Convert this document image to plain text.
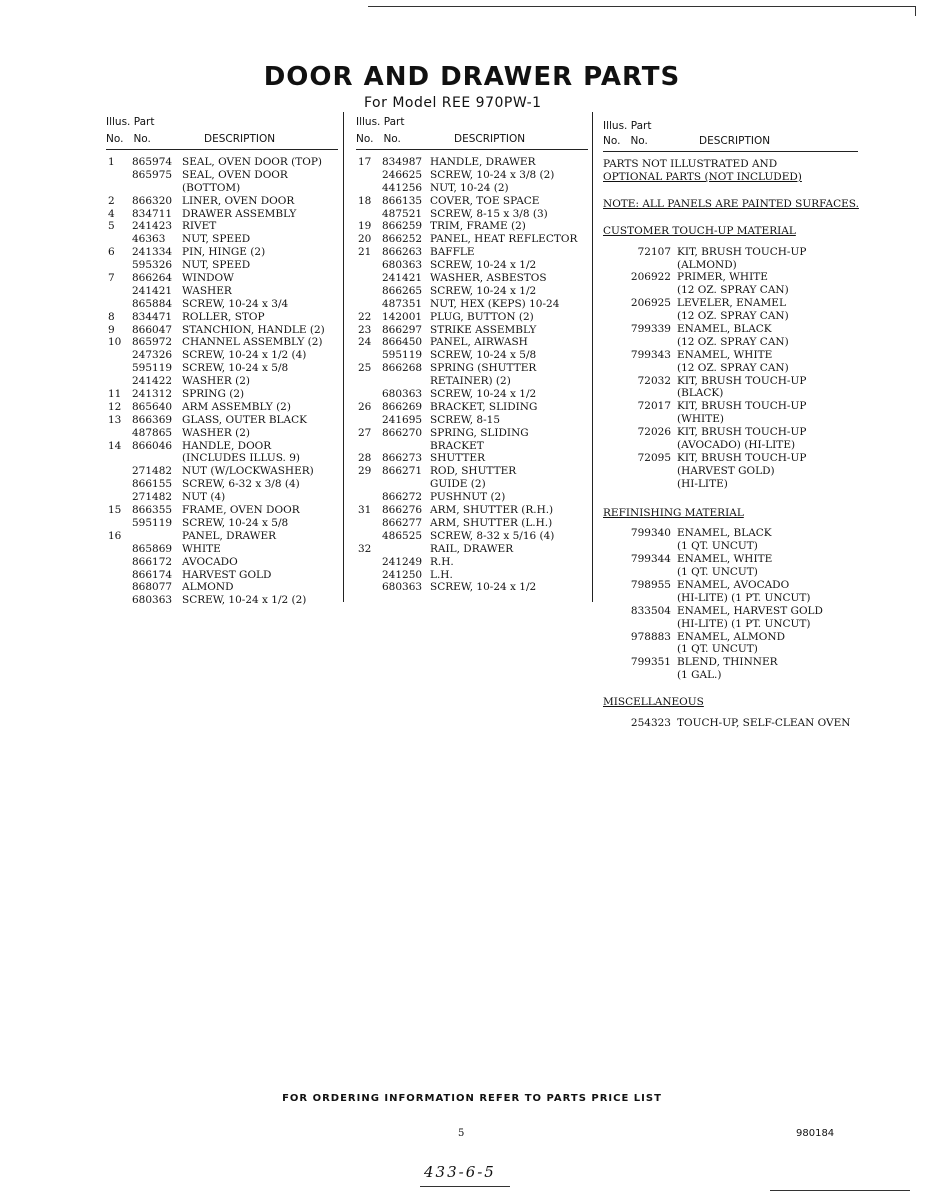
DOOR AND DRAWER PARTS
For Model REE 970PW-1
Illus. Part
No. No.	DESCRIPTION
1	865974 SEAL, OVEN DOOR (TOP)
865975 SEAL, OVEN DOOR
(BOTTOM)
2	866320 LINER, OVEN DOOR
4	834711 DRAWER ASSEMBLY
5	241423 RIVET
46363	NUT, SPEED
6	241334 PIN, HINGE (2)
595326 NUT, SPEED
7	866264 WINDOW
241421 WASHER
865884 SCREW, 10-24 x 3/4
8	834471 ROLLER, STOP
9	866047 STANCHION, HANDLE (2)
10	865972 CHANNEL ASSEMBLY (2)
247326 SCREW, 10-24 x 1/2 (4)
595119 SCREW, 10-24 x 5/8
241422 WASHER (2)
11	241312 SPRING (2)
12	865640 ARM ASSEMBLY (2)
13	866369 GLASS, OUTER BLACK
487865 WASHER (2)
14	866046 HANDLE, DOOR
(INCLUDES ILLUS. 9)
271482 NUT (W/LOCKWASHER)
866155 SCREW, 6-32 x 3/8 (4)
271482 NUT (4)
15	866355 FRAME, OVEN DOOR
595119 SCREW, 10-24 x 5/8
16	PANEL, DRAWER
865869 WHITE
866172 AVOCADO
866174 HARVEST GOLD
868077 ALMOND
680363 SCREW, 10-24 x 1/2 (2)
Illus. Part
No. No.	DESCRIPTION
17	834987 HANDLE, DRAWER
246625 SCREW, 10-24 x 3/8 (2)
441256 NUT, 10-24 (2)
18	866135 COVER, TOE SPACE
487521 SCREW, 8-15 x 3/8 (3)
19	866259 TRIM, FRAME (2)
20	866252 PANEL, HEAT REFLECTOR
21	866263 BAFFLE
680363 SCREW, 10-24 x 1/2
241421 WASHER, ASBESTOS
866265 SCREW, 10-24 x 1/2
487351 NUT, HEX (KEPS) 10-24
22	142001 PLUG, BUTTON (2)
23	866297 STRIKE ASSEMBLY
24	866450 PANEL, AIRWASH
595119 SCREW, 10-24 x 5/8
25	866268 SPRING (SHUTTER
RETAINER) (2)
680363 SCREW, 10-24 x 1/2
26	866269 BRACKET, SLIDING
241695 SCREW, 8-15
27	866270 SPRING, SLIDING
BRACKET
28	866273 SHUTTER
29	866271 ROD, SHUTTER
GUIDE (2)
866272 PUSHNUT (2)
31	866276 ARM, SHUTTER (R.H.)
866277 ARM, SHUTTER (L.H.)
486525 SCREW, 8-32 x 5/16 (4)
32	RAIL, DRAWER
241249 R.H.
241250 L.H.
680363 SCREW, 10-24 x 1/2
Illus. Part
No. No.	DESCRIPTION
PARTS NOT ILLUSTRATED AND
OPTIONAL PARTS (NOT INCLUDED)
NOTE: ALL PANELS ARE PAINTED SURFACES.
CUSTOMER TOUCH-UP MATERIAL
72107 KIT, BRUSH TOUCH-UP
(ALMOND)
206922 PRIMER, WHITE
(12 OZ. SPRAY CAN)
206925 LEVELER, ENAMEL
(12 OZ. SPRAY CAN)
799339 ENAMEL, BLACK
(12 OZ. SPRAY CAN)
799343 ENAMEL, WHITE
(12 OZ. SPRAY CAN)
72032 KIT, BRUSH TOUCH-UP
(BLACK)
72017 KIT, BRUSH TOUCH-UP
(WHITE)
72026 KIT, BRUSH TOUCH-UP
(AVOCADO) (HI-LITE)
72095 KIT, BRUSH TOUCH-UP
(HARVEST GOLD)
(HI-LITE)
REFINISHING MATERIAL
799340 ENAMEL, BLACK
(1 QT. UNCUT)
799344 ENAMEL, WHITE
(1 QT. UNCUT)
798955 ENAMEL, AVOCADO
(HI-LITE) (1 PT. UNCUT)
833504 ENAMEL, HARVEST GOLD
(HI-LITE) (1 PT. UNCUT)
978883 ENAMEL, ALMOND
(1 QT. UNCUT)
799351 BLEND, THINNER
(1 GAL.)
MISCELLANEOUS
254323 TOUCH-UP, SELF-CLEAN OVEN
FOR ORDERING INFORMATION REFER TO PARTS PRICE LIST
5	980184
433-6-5
